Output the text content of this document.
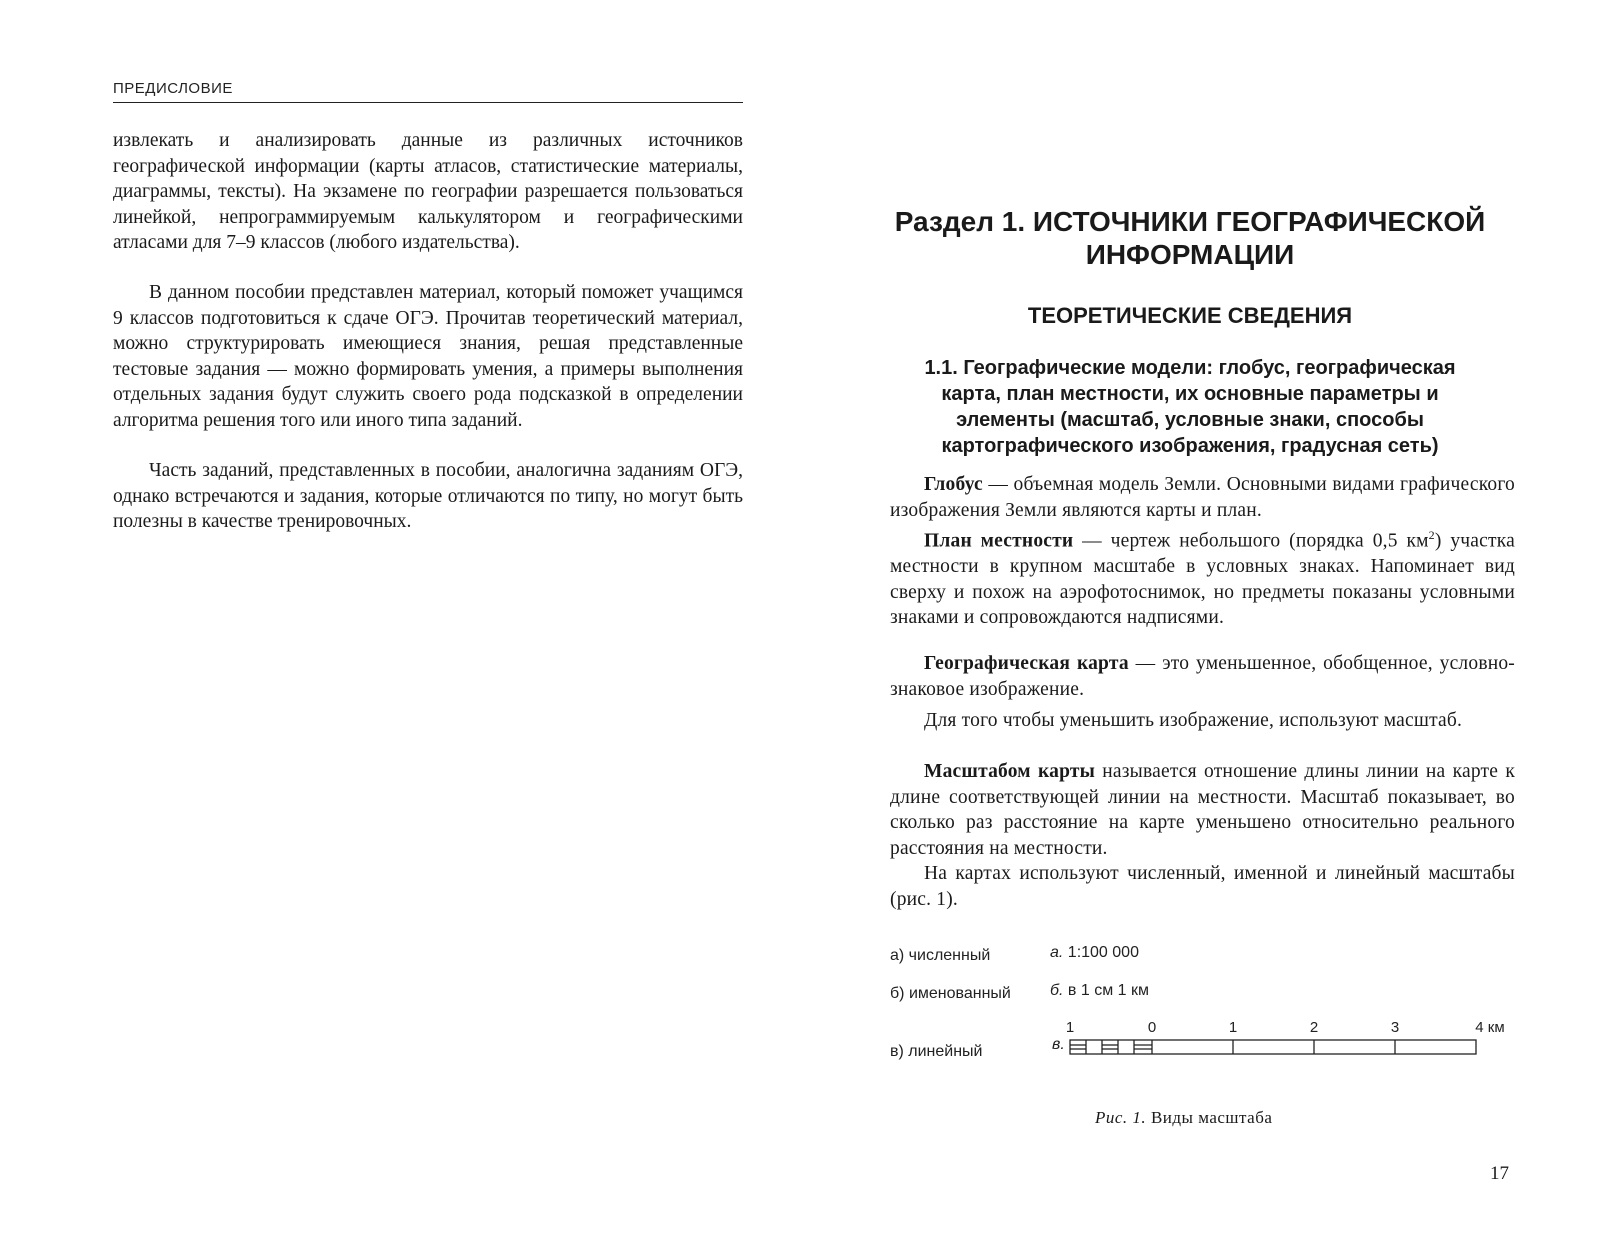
ПРЕДИСЛОВИЕ

извлекать и анализировать данные из различных источников географической информации (карты атласов, статистические материалы, диаграммы, тексты). На экзамене по географии разрешается пользоваться линейкой, непрограммируемым калькулятором и географическими атласами для 7–9 классов (любого издательства).

В данном пособии представлен материал, который поможет учащимся 9 классов подготовиться к сдаче ОГЭ. Прочитав теоретический материал, можно структурировать имеющиеся знания, решая представленные тестовые задания — можно формировать умения, а примеры выполнения отдельных задания будут служить своего рода подсказкой в определении алгоритма решения того или иного типа заданий.

Часть заданий, представленных в пособии, аналогична заданиям ОГЭ, однако встречаются и задания, которые отличаются по типу, но могут быть полезны в качестве тренировочных.

Раздел 1. ИСТОЧНИКИ ГЕОГРАФИЧЕСКОЙ ИНФОРМАЦИИ
ТЕОРЕТИЧЕСКИЕ СВЕДЕНИЯ
1.1. Географические модели: глобус, географическая карта, план местности, их основные параметры и элементы (масштаб, условные знаки, способы картографического изображения, градусная сеть)

Глобус — объемная модель Земли. Основными видами графического изображения Земли являются карты и план.

План местности — чертеж небольшого (порядка 0,5 $км^2$) участка местности в крупном масштабе в условных знаках. Напоминает вид сверху и похож на аэрофотоснимок, но предметы показаны условными знаками и сопровождаются надписями.

Географическая карта — это уменьшенное, обобщенное, условно-знаковое изображение.

Для того чтобы уменьшить изображение, используют масштаб.

Масштабом карты называется отношение длины линии на карте к длине соответствующей линии на местности. Масштаб показывает, во сколько раз расстояние на карте уменьшено относительно реального расстояния на местности.

На картах используют численный, именной и линейный масштабы (рис. 1).

а) численный	а. 1:100 000
б) именованный б. в 1 см 1 км
в) линейный	в.
1	0	1	2	3	4 км
Рис. 1. Виды масштаба
17
